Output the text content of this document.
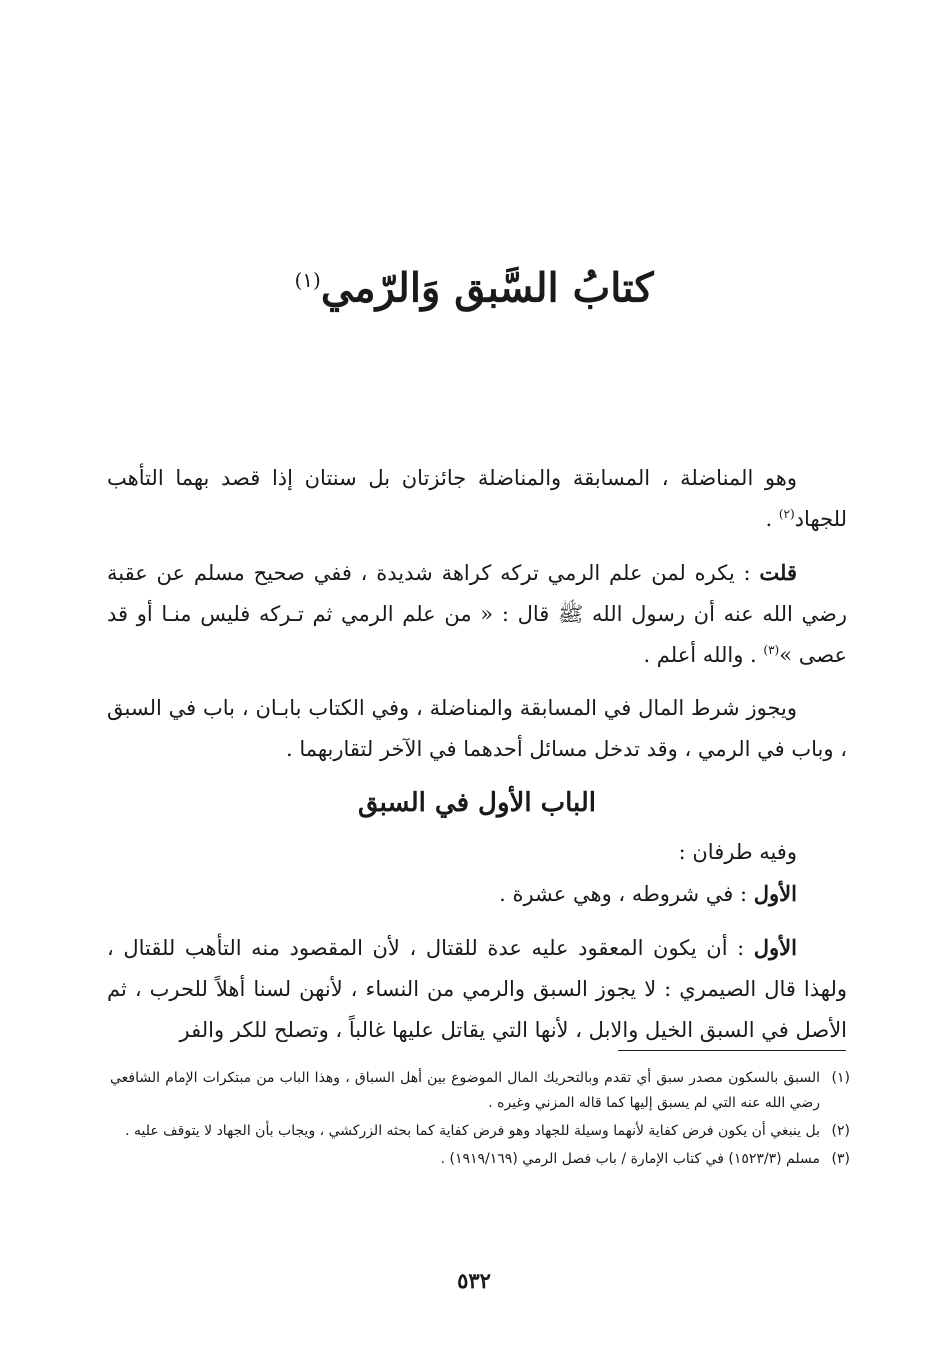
كتابُ السَّبق وَالرّمي$^{(١)}$

وهو المناضلة ، المسابقة والمناضلة جائزتان بل سنتان إذا قصد بهما التأهب للجهاد$^{(٢)}$ .

قلت : يكره لمن علم الرمي تركه كراهة شديدة ، ففي صحيح مسلم عن عقبة رضي الله عنه أن رسول الله ﷺ قال : « من علم الرمي ثم تـركه فليس منـا أو قد عصى »$^{(٣)}$ . والله أعلم .

ويجوز شرط المال في المسابقة والمناضلة ، وفي الكتاب بابـان ، باب في السبق ، وباب في الرمي ، وقد تدخل مسائل أحدهما في الآخر لتقاربهما .

الباب الأول في السبق

وفيه طرفان :

الأول : في شروطه ، وهي عشرة .

الأول : أن يكون المعقود عليه عدة للقتال ، لأن المقصود منه التأهب للقتال ، ولهذا قال الصيمري : لا يجوز السبق والرمي من النساء ، لأنهن لسنا أهلاً للحرب ، ثم الأصل في السبق الخيل والابل ، لأنها التي يقاتل عليها غالباً ، وتصلح للكر والفر

(١)
السبق بالسكون مصدر سبق أي تقدم وبالتحريك المال الموضوع بين أهل السباق ، وهذا الباب من مبتكرات الإمام الشافعي رضي الله عنه التي لم يسبق إليها كما قاله المزني وغيره .
(٢)
بل ينبغي أن يكون فرض كفاية لأنهما وسيلة للجهاد وهو فرض كفاية كما بحثه الزركشي ، ويجاب بأن الجهاد لا يتوقف عليه .
(٣)
مسلم (١٥٢٣/٣) في كتاب الإمارة / باب فصل الرمي (١٩١٩/١٦٩) .
٥٣٢
